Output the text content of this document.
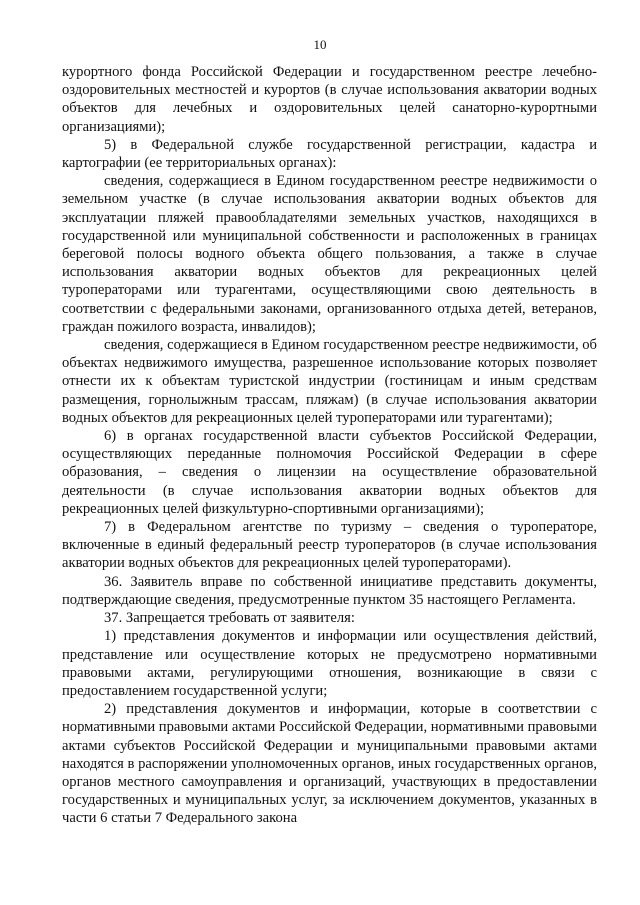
10

курортного фонда Российской Федерации и государственном реестре лечебно-оздоровительных местностей и курортов (в случае использования акватории водных объектов для лечебных и оздоровительных целей санаторно-курортными организациями);

5) в Федеральной службе государственной регистрации, кадастра и картографии (ее территориальных органах):

сведения, содержащиеся в Едином государственном реестре недвижимости о земельном участке (в случае использования акватории водных объектов для эксплуатации пляжей правообладателями земельных участков, находящихся в государственной или муниципальной собственности и расположенных в границах береговой полосы водного объекта общего пользования, а также в случае использования акватории водных объектов для рекреационных целей туроператорами или турагентами, осуществляющими свою деятельность в соответствии с федеральными законами, организованного отдыха детей, ветеранов, граждан пожилого возраста, инвалидов);

сведения, содержащиеся в Едином государственном реестре недвижимости, об объектах недвижимого имущества, разрешенное использование которых позволяет отнести их к объектам туристской индустрии (гостиницам и иным средствам размещения, горнолыжным трассам, пляжам) (в случае использования акватории водных объектов для рекреационных целей туроператорами или турагентами);

6) в органах государственной власти субъектов Российской Федерации, осуществляющих переданные полномочия Российской Федерации в сфере образования, – сведения о лицензии на осуществление образовательной деятельности (в случае использования акватории водных объектов для рекреационных целей физкультурно-спортивными организациями);

7) в Федеральном агентстве по туризму – сведения о туроператоре, включенные в единый федеральный реестр туроператоров (в случае использования акватории водных объектов для рекреационных целей туроператорами).

36. Заявитель вправе по собственной инициативе представить документы, подтверждающие сведения, предусмотренные пунктом 35 настоящего Регламента.

37. Запрещается требовать от заявителя:

1) представления документов и информации или осуществления действий, представление или осуществление которых не предусмотрено нормативными правовыми актами, регулирующими отношения, возникающие в связи с предоставлением государственной услуги;

2) представления документов и информации, которые в соответствии с нормативными правовыми актами Российской Федерации, нормативными правовыми актами субъектов Российской Федерации и муниципальными правовыми актами находятся в распоряжении уполномоченных органов, иных государственных органов, органов местного самоуправления и организаций, участвующих в предоставлении государственных и муниципальных услуг, за исключением документов, указанных в части 6 статьи 7 Федерального закона
